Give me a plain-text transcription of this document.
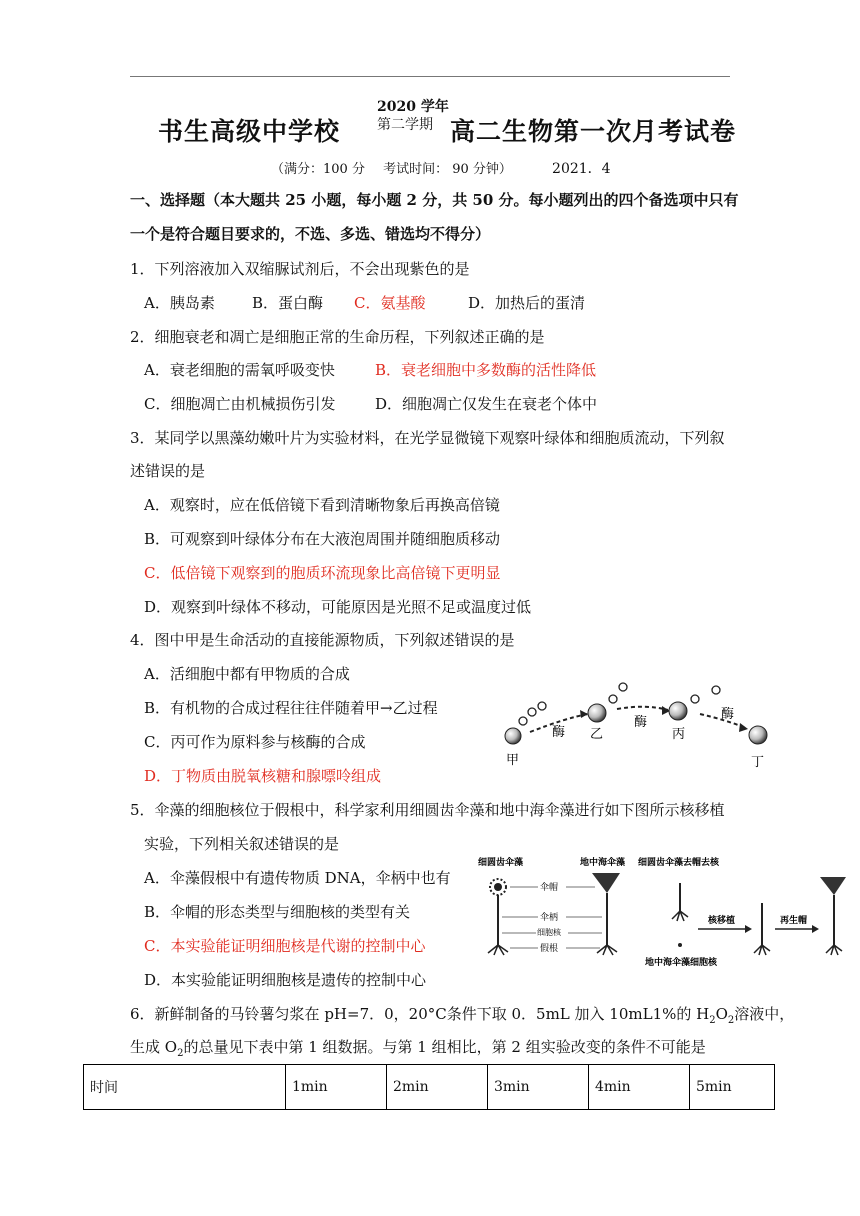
书生高级中学校
2020 学年
第二学期 高二生物第一次月考试卷
（满分：100 分 考试时间： 90 分钟）	2021．4
一、选择题（本大题共 25 小题，每小题 2 分，共 50 分。每小题列出的四个备选项中只有
一个是符合题目要求的，不选、多选、错选均不得分）
1．下列溶液加入双缩脲试剂后，不会出现紫色的是
A．胰岛素 B．蛋白酶 C．氨基酸	D．加热后的蛋清
2．细胞衰老和凋亡是细胞正常的生命历程，下列叙述正确的是
A．衰老细胞的需氧呼吸变快	B．衰老细胞中多数酶的活性降低
C．细胞凋亡由机械损伤引发	D．细胞凋亡仅发生在衰老个体中
3．某同学以黑藻幼嫩叶片为实验材料，在光学显微镜下观察叶绿体和细胞质流动，下列叙
述错误的是
A．观察时，应在低倍镜下看到清晰物象后再换高倍镜
B．可观察到叶绿体分布在大液泡周围并随细胞质移动
C．低倍镜下观察到的胞质环流现象比高倍镜下更明显
D．观察到叶绿体不移动，可能原因是光照不足或温度过低
4．图中甲是生命活动的直接能源物质，下列叙述错误的是
A．活细胞中都有甲物质的合成
B．有机物的合成过程往往伴随着甲→乙过程
C．丙可作为原料参与核酶的合成
D．丁物质由脱氧核糖和腺嘌呤组成
甲
酶 乙
酶
丙
酶
丁
5．伞藻的细胞核位于假根中，科学家利用细圆齿伞藻和地中海伞藻进行如下图所示核移植
实验，下列相关叙述错误的是
A．伞藻假根中有遗传物质 DNA，伞柄中也有
B．伞帽的形态类型与细胞核的类型有关
C．本实验能证明细胞核是代谢的控制中心
D．本实验能证明细胞核是遗传的控制中心
细圆齿伞藻	地中海伞藻 细圆齿伞藻去帽去核
伞帽
伞柄
细胞核
假根
地中海伞藻细胞核
核移植	再生帽
6．新鲜制备的马铃薯匀浆在 pH=7．0，20°C条件下取 0．5mL 加入 10mL1%的 $H_2O_2$溶液中，
生成 $O_2$的总量见下表中第 1 组数据。与第 1 组相比，第 2 组实验改变的条件不可能是
时间	1min	2min	3min	4min	5min
